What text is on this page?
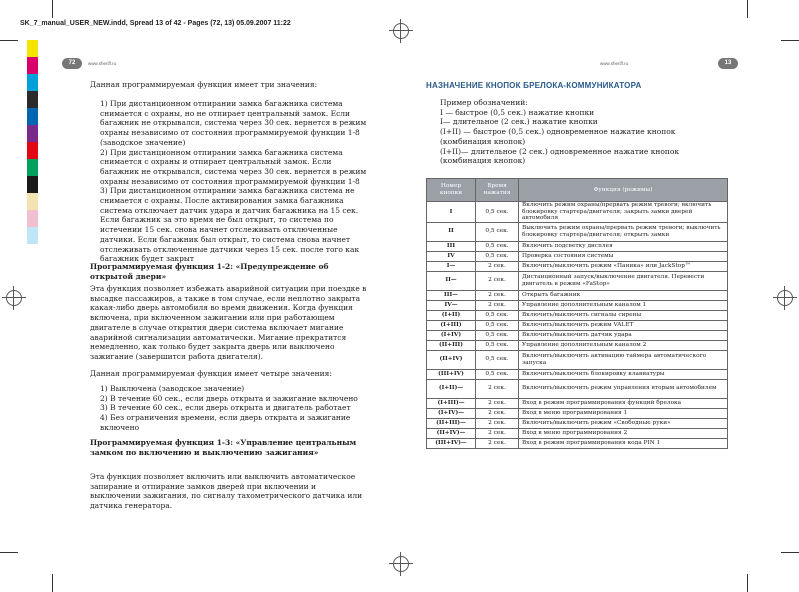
SK_7_manual_USER_NEW.indd, Spread 13 of 42 - Pages (72, 13) 05.09.2007 11:22
72	www.sheriff.ru	www.sheriff.ru	13
Данная программируемая функция имеет три значения:
1) При дистанционном отпирании замка багажника система снимается с охраны, но не отпирает центральный замок. Если багажник не открывался, система через 30 сек. вернется в режим охраны независимо от состояния программируемой функции 1-8 (заводское значение)
2) При дистанционном отпирании замка багажника система снимается с охраны и отпирает центральный замок. Если багажник не открывался, система через 30 сек. вернется в режим охраны независимо от состояния программируемой функции 1-8
3) При дистанционном отпирании замка багажника система не снимается с охраны. После активирования замка багажника система отключает датчик удара и датчик багажника на 15 сек. Если багажник за это время не был открыт, то система по истечении 15 сек. снова начнет отслеживать отключенные датчики. Если багажник был открыт, то система снова начнет отслеживать отключенные датчики через 15 сек. после того как багажник будет закрыт
Программируемая функция 1-2: «Предупреждение об открытой двери»
Эта функция позволяет избежать аварийной ситуации при поездке в высадке пассажиров, а также в том случае, если неплотно закрыта какая-либо дверь автомобиля во время движения. Когда функция включена, при включенном зажигании или при работающем двигателе в случае открытия двери система включает мигание аварийной сигнализации автоматически. Мигание прекратится немедленно, как только будет закрыта дверь или выключено зажигание (завершится работа двигателя).
Данная программируемая функция имеет четыре значения:
1) Выключена (заводское значение)
2) В течение 60 сек., если дверь открыта и зажигание включено
3) В течение 60 сек., если дверь открыта и двигатель работает
4) Без ограничения времени, если дверь открыта и зажигание включено
Программируемая функция 1-3: «Управление центральным замком по включению и выключению зажигания»
Эта функция позволяет включить или выключить автоматическое запирание и отпирание замков дверей при включении и выключении зажигания, по сигналу тахометрического датчика или датчика генератора.
НАЗНАЧЕНИЕ КНОПОК БРЕЛОКА-КОММУНИКАТОРА
Пример обозначений:
I — быстрое (0,5 сек.) нажатие кнопки
I— длительное (2 сек.) нажатие кнопки
(I+II) — быстрое (0,5 сек.) одновременное нажатие кнопок
(комбинация кнопок)
(I+II)— длительное (2 сек.) одновременное нажатие кнопок
(комбинация кнопок)
Номер кнопки	Время нажатия	Функция (режимы)
I	0,5 сек.	Включить режим охраны/прервать режим тревоги; включить блокировку стартера/двигателя; закрыть замки дверей автомобиля
II	0,5 сек.	Выключить режим охраны/прервать режим тревоги; выключить блокировку стартера/двигателя; открыть замки
III	0,5 сек.	Включить подсветку дисплея
IV	0,5 сек.	Проверка состояния системы
I—	2 сек.	Включить/выключить режим «Паника» или JackStop™
II—	2 сек.	Дистанционный запуск/выключение двигателя. Перевести двигатель в режим «FaStop»
III—	2 сек.	Открыть багажник
IV—	2 сек.	Управление дополнительным каналом 1
(I+II)	0,5 сек.	Включить/выключить сигналы сирены
(I+III)	0,5 сек.	Включить/выключить режим VALET
(I+IV)	0,5 сек.	Включить/выключить датчик удара
(II+III)	0,5 сек.	Управление дополнительным каналом 2
(II+IV)	0,5 сек.	Включить/выключить активацию таймера автоматического запуска
(III+IV)	0,5 сек.	Включить/выключить блокировку клавиатуры
(I+II)—	2 сек.	Включить/выключить режим управления вторым автомобилем
(I+III)—	2 сек.	Вход в режим программирования функций брелока
(I+IV)—	2 сек.	Вход в меню программирования 1
(II+III)—	2 сек.	Включить/выключить режим «Свободные руки»
(II+IV)—	2 сек.	Вход в меню программирования 2
(III+IV)—	2 сек.	Вход в режим программирования кода PIN 1
